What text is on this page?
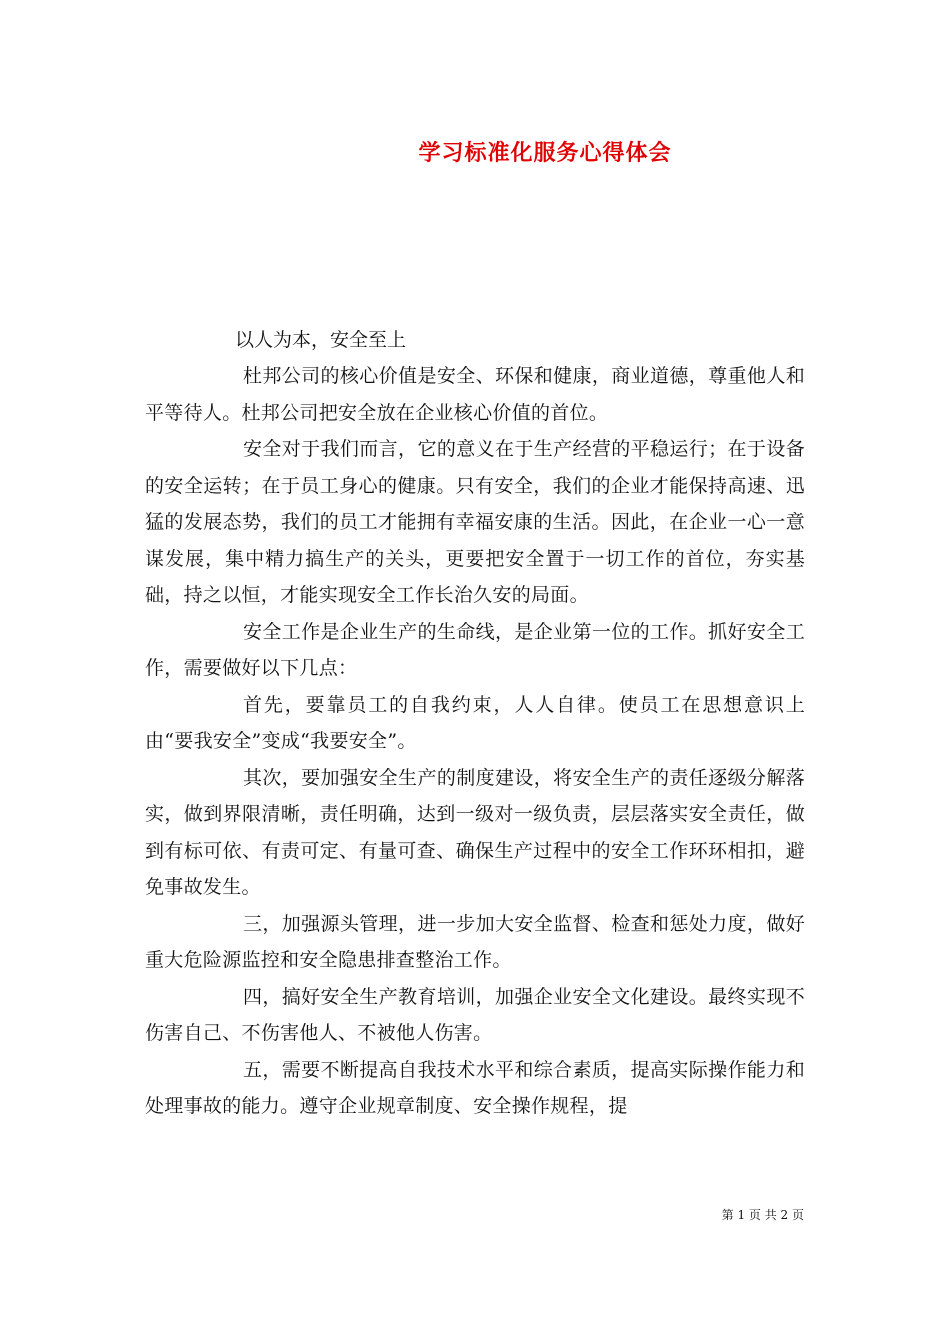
学习标准化服务心得体会

以人为本，安全至上

杜邦公司的核心价值是安全、环保和健康，商业道德，尊重他人和平等待人。杜邦公司把安全放在企业核心价值的首位。

安全对于我们而言，它的意义在于生产经营的平稳运行；在于设备的安全运转；在于员工身心的健康。只有安全，我们的企业才能保持高速、迅猛的发展态势，我们的员工才能拥有幸福安康的生活。因此，在企业一心一意谋发展，集中精力搞生产的关头，更要把安全置于一切工作的首位，夯实基础，持之以恒，才能实现安全工作长治久安的局面。

安全工作是企业生产的生命线，是企业第一位的工作。抓好安全工作，需要做好以下几点：

首先，要靠员工的自我约束，人人自律。使员工在思想意识上由“要我安全”变成“我要安全”。

其次，要加强安全生产的制度建设，将安全生产的责任逐级分解落实，做到界限清晰，责任明确，达到一级对一级负责，层层落实安全责任，做到有标可依、有责可定、有量可查、确保生产过程中的安全工作环环相扣，避免事故发生。

三，加强源头管理，进一步加大安全监督、检查和惩处力度，做好重大危险源监控和安全隐患排查整治工作。

四，搞好安全生产教育培训，加强企业安全文化建设。最终实现不伤害自己、不伤害他人、不被他人伤害。

五，需要不断提高自我技术水平和综合素质，提高实际操作能力和处理事故的能力。遵守企业规章制度、安全操作规程，提

第 1 页 共 2 页
